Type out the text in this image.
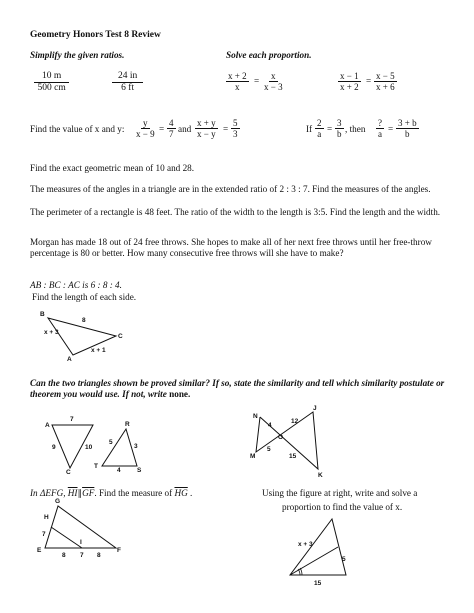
Geometry Honors Test 8 Review
Simplify the given ratios.	Solve each proportion.
$\frac{10 m}{500 cm}$	$\frac{24 in}{6 ft}$	$\frac{x + 2}{x} = \frac{x}{x - 3}$	$\frac{x - 1}{x + 2} = \frac{x - 5}{x + 6}$
Find the value of x and y: $\frac{y}{x - 9} = \frac{4}{7}$ and $\frac{x + y}{x - y} = \frac{5}{3}$	If $\frac{2}{a} = \frac{3}{b}$ , then
?
$a = \frac{3 + b}{b}$
Find the exact geometric mean of 10 and 28.
The measures of the angles in a triangle are in the extended ratio of 2 : 3 : 7. Find the measures of the angles.
The perimeter of a rectangle is 48 feet. The ratio of the width to the length is 3:5. Find the length and the width.
Morgan has made 18 out of 24 free throws. She hopes to make all of her next free throws until her free-throw percentage is 80 or better. How many consecutive free throws will she have to make?
AB : BC : AC is 6 : 8 : 4.
Find the length of each side.
B
C
A
8
x + 3
x + 1
Can the two triangles shown be proved similar? If so, state the similarity and tell which similarity postulate or theorem you would use. If not, write none.
A
C
7
9	10
R
T
S
5
3
4
N
J
O
M
K
4
12
5
15
In ΔEFG, $\overline{HI}\parallel\overline{GF}$. Find the measure of $\overline{HG}$ .
G
H
E	F
I
7
8	8
7
Using the figure at right, write and solve a
proportion to find the value of x.
x + 3
5
15
